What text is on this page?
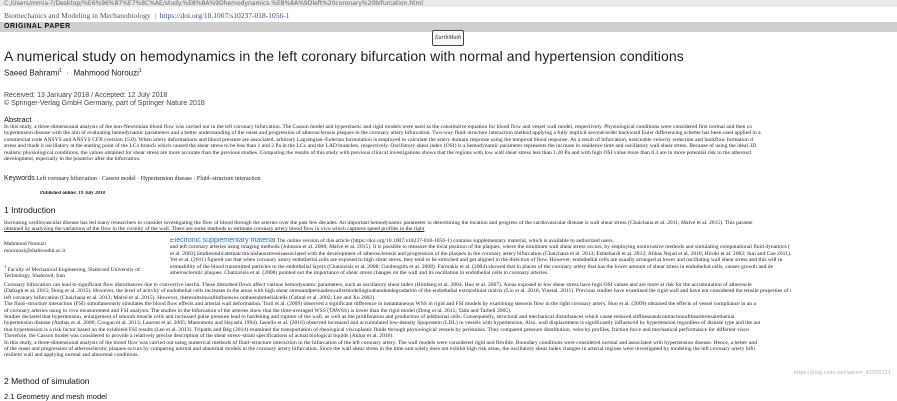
C:/Users/mmia-?/Desktop/%E6%96%87%E7%8C%AE/study.%E8%8A%9Dhemodynamics.%E8%8A%9Dleft%20coronary%20bifurcation.html
Biomechanics and Modeling in Mechanobiology  |  https://doi.org/10.1007/s10237-018-1056-1
ORIGINAL PAPER
EarthMath
A numerical study on hemodynamics in the left coronary bifurcation with normal and hypertension conditions
Saeed Bahrami$^1$  ·  Mahmood Norouzi$^1$
Received: 13 January 2018 / Accepted: 12 July 2018
© Springer-Verlag GmbH Germany, part of Springer Nature 2018
Abstract
In this study, a three-dimensional analysis of the non-Newtonian blood flow was carried out in the left coronary bifurcation. The Casson model and hyperelastic and rigid models were used as the constitutive equation for blood flow and vessel wall model, respectively. Physiological conditions were considered first normal and then co
hypertension disease with the aim of evaluating hemodynamic parameters and a better understanding of the onset and progression of atherosclerosis plaques in the coronary artery bifurcation. Two-way fluid–structure interaction method applying a fully implicit second-order backward Euler differencing scheme has been used applied in a
commercial code ANSYS and ANSYS CFX (version 15.0). When artery deformations and blood pressure are associated, arbitrary Lagrangian–Eulerian formulation is employed to calculate the artery domain response using the temporal blood response. As a result of bifurcation, noticeable velocity reduction and backflow formation d
stress and made it oscillatory at the starting point of the LCx branch which caused the shear stress to be less than 1 and 2 Pa in the LCx and the LAD branches, respectively. Oscillatory shear index (OSI) is a hemodynamic parameter represents the increase in residence time and oscillatory wall shear stress. Because of using the ideal 3D
realistic physiological conditions, the values obtained for shear stress are more accurate than the previous studies. Comparing the results of this study with previous clinical investigations shows that the regions with low wall shear stress less than 1.20 Pa and with high OSI value more than 0.3 are in more potential risk to the atheroscl
development, especially in the posterior after the bifurcation.
Keywords Left coronary bifurcation · Casson model · Hypertension disease · Fluid–structure interaction
Published online: 19 July 2018
1 Introduction
Increasing cardiovascular disease has led many researchers to consider investigating the flow of blood through the arteries over the past few decades. An important hemodynamic parameter in determining the location and progress of the cardiovascular disease is wall shear stress (Chaichana et al. 2011; Malvè et al. 2015). This parame
obtained by analyzing the variations of the flow in the vicinity of the wall. There are some methods to estimate coronary artery blood flow in vivo which captures speed profiles in the right
Mahmood Norouzi
mnorouzi@shahroodut.ac.ir
$^1$ Faculty of Mechanical Engineering, Shahrood University of Technology, Shahrood, Iran
Electronic supplementary material The online version of this article (https://doi.org/10.1007/s10237-018-1056-1) contains supplementary material, which is available to authorized users.
and left coronary arteries using imaging methods (Johnson et al. 2008; Malvè et al. 2015). It is possible to measure the local position of the plaques, where the minimum wall shear stress occurs, by employing noninvasive methods and simulating computational fluid dynamics (
et al. 2003).Studiesindicatethatcriticalshearstressisassociated with the development of atherosclerosis and progression of the plaques in the coronary artery bifurcation (Chaichana et al. 2013; Eshtehardi et al. 2012; Abbas Nejad et al. 2018; Hiroki et al. 2002; Sun and Cao 2011).
Yet et al. (2011) figured out that when coronary artery endothelial cells are exposed to high shear stress, they tend to be stretched and get aligned in the direction of flow. However, endothelial cells are usually arranged at lower and oscillating wall shear stress and this will in
ermeability of the blood transmitted particles to the endothelial layers (Chatzizisis et al. 2008; Goubergrits et al. 2008). Farmakis et al. (2004) showed that in places of the coronary artery that has the lower amount of shear stress in endothelial cells, causes growth and de
atherosclerotic plaques. Chatzizisis et al. (2008) pointed out the importance of shear stress changes on the wall and its oscillation in endothelial cells in coronary arteries.
Coronary bifurcation can lead to significant flow disturbances due to convective inertia. These disturbed flows affect various hemodynamic parameters, such as oscillatory shear index (Himburg et al. 2004; Huo et al. 2007). Areas exposed to low shear stress have high OSI values and are more at risk for the accumulation of atheroscle
(Dabagh et al. 2015; Dong et al. 2015). However, the level of activity of endothelial cells increases in the areas with high shear stressandpersuadeswallremodelingtoabandondegradation of the endothelial extracellular matrix (Liu et al. 2016; Yinetal. 2011). Previous studies have examined the rigid wall and have not considered the tensile properties of t
left coronary bifurcation (Chaichana et al. 2013; Malvè et al. 2015). However, theresultsinwallinfluences ontheendothelialcells (Cebral et al. 2002; Lee and Xu 2002).
The fluid–structure interaction (FSI) simultaneously simulates the blood flow effects and arterial wall deformation. Torii et al. (2009) observed a significant difference in instantaneous WSS in rigid and FSI models by examining stenosis flow in the right coronary artery. Huo et al. (2009) obtained the effects of vessel compliance in an a
of coronary arteries using in vivo measurement and FSI analysis. The studies in the bifurcation of the arteries show that the time-averaged WSS (TAWSS) is lower than the rigid model (Dong et al. 2015; Tada and Tarbell 2005).
Studies declared that hypertension, enlargement of smooth muscle cells and increased pulse pressure lead to hardening and rupture of the wall, as well as the proliferation and production of additional cells. Consequently, structural and mechanical disturbances which cause reduced stiffnessandcontractionofthearteriesarethemai
hypertension disease (Antbas et al. 2006; Coogan et al. 2013; Laurent et al. 2005; Matsumoto and Hayashi 1994). Iasiello et al. (2016) observed increased and accumulated low-density lipoprotein (LDL) in vessels with hypertension. Also, wall displacement is significantly influenced by hypertension regardless of disease type and the aut
that hypertension is a risk factor based on the exhibited FSI results (Lee et al. 2013). Tripathi and Bég (2014) examined the transportation of rheological viscoplastic fluids through physiological vessels by peristalsis. They compared pressure distribution, velocity profiles, friction force and mechanical performance for different visco
Therefore, the Casson model was considered to provide a relatively precise description of the shear stress–strain specifications of actual biological liquids (Akbar et al. 2016).
In this study, a three-dimensional analysis of the blood flow was carried out using numerical methods of fluid–structure interaction in the bifurcation of the left coronary artery. The wall models were considered rigid and flexible. Boundary conditions were considered normal and associated with hypertension disease. Hence, a better und
of the onset and progression of atherosclerotic plaques occurs by comparing normal and abnormal models in the coronary artery bifurcation. Since the wall shear stress in the time unit solely does not exhibit high risk areas, the oscillatory shear index changes in arterial regions were investigated by modeling the left coronary artery bifu
resilient wall and applying normal and abnormal conditions.
2 Method of simulation
2.1 Geometry and mesh model
https://blog.csdn.net/weixin_42370111
